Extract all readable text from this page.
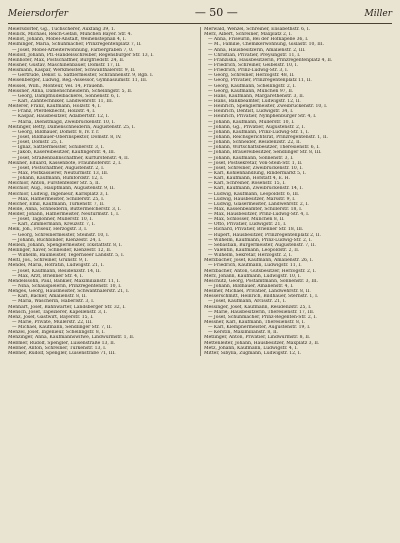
Meiersdorfer	— 50 —	Miller
Meiersdorfer, Gg., Tuchscherer, Auxfang 39, 1.
Meilick, Michael, Reich-Gefäß, München Bayer. Str. 4.
Meillot, Johann, Möbel-Anstalt, Weihenstephan 4, I.
Meilhinger, Maria, Schuhmacher, Prinzregentenplatz 7, II.
— Josef, Möbel-Arbeiterwohnung, Färbergraben 7, 0.
Meidolf, Johann, Pfl.-Handelsschreiber, Regensburger Str. 13, I.
Meinhofer, Max, Postschaffner, Burgfriedstr. 24, II.
Meisner, Gustav, Maschinenbauer, Domstr. 17, II.
Meismann, Kaspar, Werkmeister, Schwanthalerstr. 9, II.
— Gertrude, Dekor. u. Sattlermeister, Schrannenstr. 9, Rgb. I.
Meisenberger, Ludwig, Reg.-Assessor, Gymnasiumstr. 11, III.
Meissel, Wilh., Monteur, Vel. 14, Frauenh.
Meissner, Anna, Damenschneiderin, Schellingstr. 5, II.
— Georg, Dampfnudelbäckerei, Sonnenstr. 6, I.
— Karl, Zahntechniker, Landwehrstr. 11, III.
Meiterer, Franz, Kaufmann, Holzstr. 4, I.
— Franz, Pferdeknecht, Holzstr. 4, I.
— Kaspar, Hausbesitzer, Adalbertstr. 12, I.
— Maria, Dienstmagd, Zweibrückenstr. 10, I.
Meitinger, Betty, Damenschneiderin, Augustenstr. 25, I.
— Georg, Bildhauer, Domstr. 8, IV. r. r.
— Josef, Bildhauer-Oberinspektor, Domstr. 8, IV.
— Josef, Domstr. 25, I.
— Ignaz, Sattlermeister, Schillerstr. 3, I.
— Jakob, Käsereibesitzer, Kaufingerstr. 4, III.
— Josef, Straßenbahnschaffner, Kurfürstenstr. 4, II.
Meixner, Eduard, Kassenbote, Fraunhoferstr. 2, I.
— Josef, Postschaffner, Augustenstr. 2, I.
— Max, Postkassierer, Neuturmstr. 13, III.
— Johann, Kaufmann, Rumfordstr. 12, I.
Melchior, Anton, Fürstenfelder Str. 5, II.
Melchior, Aug., Hauptmann, Augustenstr. 9, II.
Melchior, Ludwig, Ingenieur, Karlsplatz 3, I.
— Max, Hafnermeister, Schillerstr. 25, I.
Melcher, Emil, Kaufmann, Türkenstr. 7, II.
Melde, Anna, Schneiderin, Buttermelcherstr. 3, I.
Melder, Johann, Hafnermeister, Neuturmstr. 1, I.
— Josef, Taglöhner, Müllerstr. 10, I.
— Karl, Zimmermann, Kreuzstr. 7, I.
Melk, Joh., Friseur, Herzogstr. 3, I.
— Georg, Schreinermeister, Steinstr. 10, I.
— Johann, Buchbinder, Klenzestr. 24, I.
Mellein, Johann, Spenglermeister, Ickstattstr. 8, I.
Mellinger, Xaver, Schneider, Klenzestr. 12, II.
— Wilhelm, Baumeister, Tegernseer Landstr. 5, I.
Meltl, Jos., Schreiner, Grünstr. 9, I.
Mendel, Maria, Hofrätin, Ludwigstr. 21, I.
— Josef, Kaufmann, Residenzstr. 14, II.
— Max, Arzt, Brienner Str. 4, I.
Mendelssohn, Paul, Bankier, Maximilianstr. 11, I.
— Nina, Schauspielerin, Prinzregentenstr. 10, I.
Menges, Georg, Hausmeister, Schwanthalerstr. 21, I.
— Karl, Bäcker, Amalienstr. 8, II.
— Maria, Wäscherin, Häberlstr. 3, I.
Menhart, Josef, Bahnwärter, Landsberger Str. 32, I.
Mensch, Josef, Tapezierer, Kapellenstr. 3, I.
Menz, Josef, Gastwirt, Bayerstr. 15, I.
— Marie, Private, Müllerstr. 22, III.
— Michael, Kaufmann, Sendlinger Str. 7, II.
Menzel, Josef, Ingenieur, Schellingstr. 8, I.
Menzinger, Anna, Kaufmannswitwe, Lindwurmstr. 1, II.
Meßmer, Rudolf, Spengler, Luisenstraße 13, II.
Meßner, Anton, Schreiner, Türkenstr. 13, I.
Meßner, Rudolf, Spengler, Luisenstraße 71, III.
Merwald, Wenzel, Schreiner, Elisabethstr. 6, I.
Merz, Albert, Schreiner, Maxplatz 2, I.
— Anna, Friseurin, Bei der Hofkapelle 36, I.
— M., Familie, Chemikerwohnung, Gislastr. 10, III.
— Anna, Hausbesitzerin, Amalienstr. 2, III.
— Christian, Privatier, Preysingstr. 11, I.
— Franziska, Hausbesitzerin, Prinzregentenplatz 4, II.
— Friedrich, Schreiner, Geibelstr. 10, I.
— Friedrich, Prinz-Ludwig-Str. 3, I.
— Georg, Schreiner, Herzogstr. 48, II.
— Georg, Privatier, Prinzregentenplatz 11, II.
— Georg, Kaufmann, Schellingstr. 2, I.
— Georg, Kaufmann, München 97, II.
— Hans, Kaufmann, Margarethenstr. 3, II.
— Hans, Bankbeamter, Ludwigstr. 12, II.
— Heinrich, Spenglermeister, Zweibrückenstr. 10, I.
— Heinrich, Dentist, Ludwigstr. 34, I.
— Heinrich, Privatier, Nymphenburger Str. 4, I.
— Johann, Kaufmann, Müllerstr. 10, I.
— Johann, Gg., Privatier, Augustenstr. 2, I.
— Johann, Kaufmann, Prinz-Ludwig-Str. 1, I.
— Johann, Reichsgerichtsrat, Prinzregentenstr. 1, II.
— Johann, Schneider, Residenzstr. 22, II.
— Johann, Wirtschaftsbesitzer, Theresienstr. 6, I.
— Johann, Brauereibesitzer, Sendlinger Str. 8, III.
— Johann, Kaufmann, Sonnenstr. 3, I.
— Josef, Postsekretär, Von-Stein-Str. 1, II.
— Josef, Schreiner, Zweibrückenstr. 10, I.
— Karl, Kohlenhandlung, Rindermarkt 5, I.
— Karl, Kaufmann, Hofstatt 4, E. H.
— Karl, Schreiner, Rosenstr. 15, I.
— Karl, Kaufmann, Zweibrückenstr. 14, I.
— Ludwig, Kaufmann, Leopoldstr. 6, III.
— Ludwig, Hausbesitzer, Marsstr. 9, I.
— Ludwig, Glasermeister, Landwehrstr. 2, I.
— Max, Kassenbeamter, Schillerstr. 18, I.
— Max, Hausbesitzer, Prinz-Ludwig-Str. 4, I.
— Max, Schlosser, München 8, II.
— Otto, Privatier, Ludwigstr. 21, I.
— Richard, Privatier, Brienner Str. 18, III.
— Rupert, Hausbesitzer, Prinzregentenplatz 2, II.
— Wilhelm, Kaufmann, Prinz-Ludwig-Str. 2, I.
— Sebastian, Bürgermeister, Augustenstr. 7, II.
— Valentin, Kaufmann, Leopoldstr. 2, II.
— Wilhelm, Sekretär, Herzogstr. 2, I.
Merzbacher, Josef, Kaufmann, Amalienstr. 26, I.
— Friedrich, Kaufmann, Ludwigstr. 11, I.
Merzbacher, Anton, Gutsbesitzer, Herzogstr. 2, I.
Merz, Johann, Kaufmann, Ludwigstr. 10, I.
Meschutz, Georg, Postamtmann, Sonnenstr. 3, III.
— Johann, Bildhauer, Amalienstr. 4, I.
Mesmer, Michael, Privatier, Landwehrstr. 8, II.
Messerschmitt, Heinrich, Bildhauer, Sternstr. 1, I.
— Josef, Kaufmann, Arcisstr. 21, I.
Messinger, Josef, Kaufmann, Residenzstr. 25, I.
— Marie, Hausbesitzerin, Theresienstr. 17, III.
— Josef, Schuhmacher, Prinz-Regenten-Str. 2, I.
Messner, Karl, Kaufmann, Theresienstr. 8, I.
— Karl, Klempnermeister, Augustenstr. 19, I.
— Kerstin, Maximilianstr. 8, II.
Metlinger, Anton, Privatier, Lindwurmstr. 8, II.
Mettenleiter, Johann, Hausbesitzer, Maxplatz 3, II.
Metz, Johann, Kaufmann, Ludwigstr. 4, I.
Mitter, Sibylla, Zugmann, Ludwigstr. 12, I.
